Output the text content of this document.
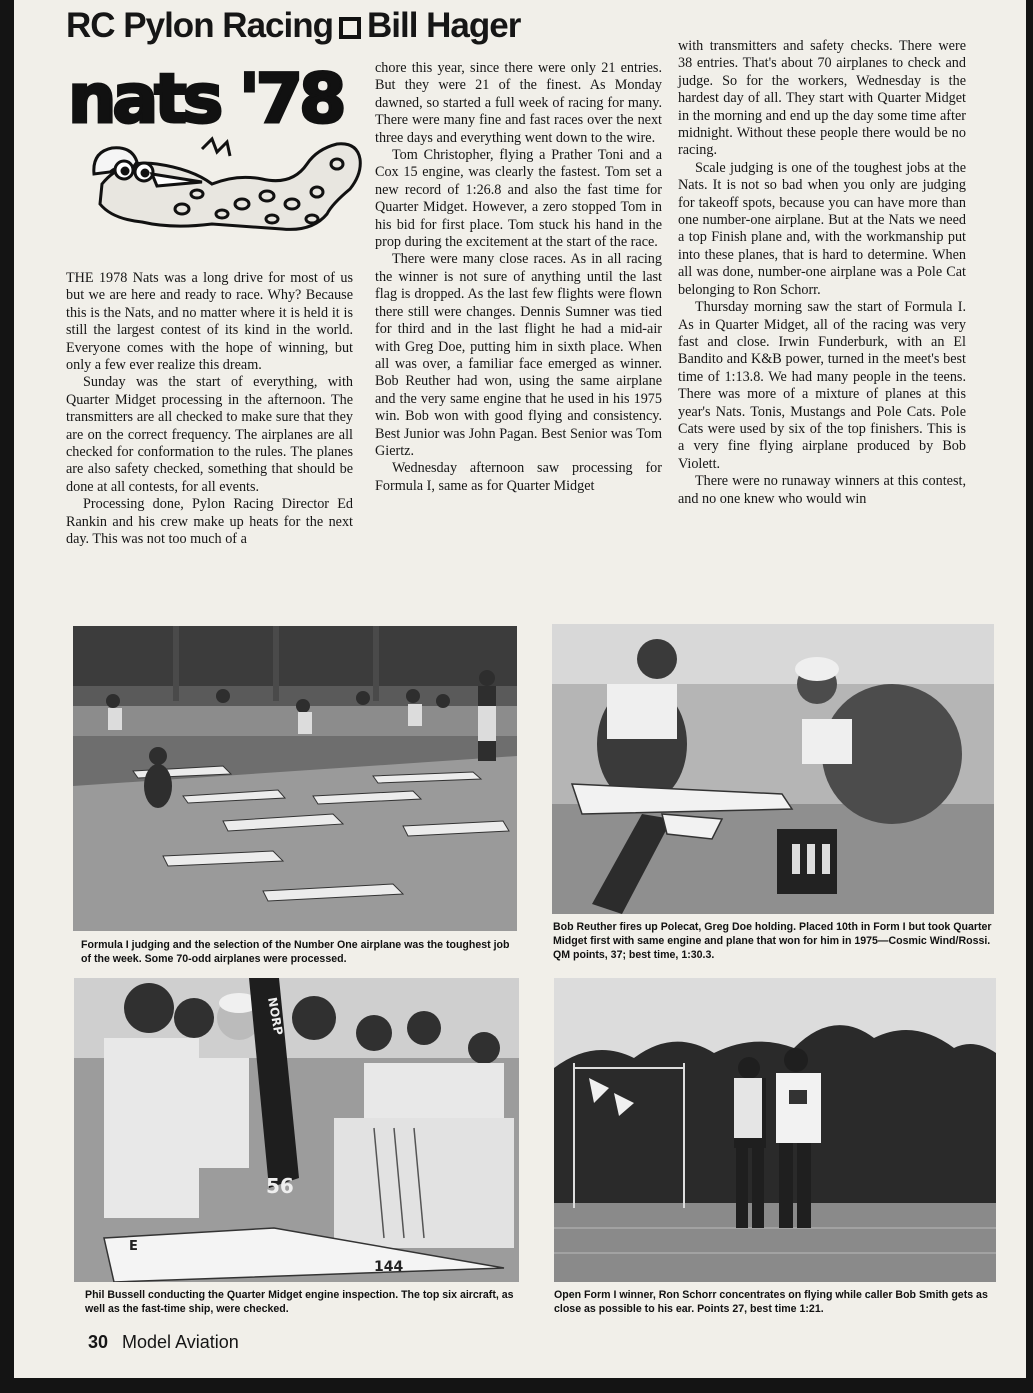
RC Pylon Racing Bill Hager
nats '78

THE 1978 Nats was a long drive for most of us but we are here and ready to race. Why? Because this is the Nats, and no matter where it is held it is still the largest contest of its kind in the world. Everyone comes with the hope of winning, but only a few ever realize this dream.

Sunday was the start of everything, with Quarter Midget processing in the afternoon. The transmitters are all checked to make sure that they are on the correct frequency. The airplanes are all checked for conformation to the rules. The planes are also safety checked, something that should be done at all contests, for all events.

Processing done, Pylon Racing Director Ed Rankin and his crew make up heats for the next day. This was not too much of a

chore this year, since there were only 21 entries. But they were 21 of the finest. As Monday dawned, so started a full week of racing for many. There were many fine and fast races over the next three days and everything went down to the wire.

Tom Christopher, flying a Prather Toni and a Cox 15 engine, was clearly the fastest. Tom set a new record of 1:26.8 and also the fast time for Quarter Midget. However, a zero stopped Tom in his bid for first place. Tom stuck his hand in the prop during the excitement at the start of the race.

There were many close races. As in all racing the winner is not sure of anything until the last flag is dropped. As the last few flights were flown there still were changes. Dennis Sumner was tied for third and in the last flight he had a mid-air with Greg Doe, putting him in sixth place. When all was over, a familiar face emerged as winner. Bob Reuther had won, using the same airplane and the very same engine that he used in his 1975 win. Bob won with good flying and consistency. Best Junior was John Pagan. Best Senior was Tom Giertz.

Wednesday afternoon saw processing for Formula I, same as for Quarter Midget

with transmitters and safety checks. There were 38 entries. That's about 70 airplanes to check and judge. So for the workers, Wednesday is the hardest day of all. They start with Quarter Midget in the morning and end up the day some time after midnight. Without these people there would be no racing.

Scale judging is one of the toughest jobs at the Nats. It is not so bad when you only are judging for takeoff spots, because you can have more than one number-one airplane. But at the Nats we need a top Finish plane and, with the workmanship put into these planes, that is hard to determine. When all was done, number-one airplane was a Pole Cat belonging to Ron Schorr.

Thursday morning saw the start of Formula I. As in Quarter Midget, all of the racing was very fast and close. Irwin Funderburk, with an El Bandito and K&B power, turned in the meet's best time of 1:13.8. We had many people in the teens. There was more of a mixture of planes at this year's Nats. Tonis, Mustangs and Pole Cats. Pole Cats were used by six of the top finishers. This is a very fine flying airplane produced by Bob Violett.

There were no runaway winners at this contest, and no one knew who would win

Formula I judging and the selection of the Number One airplane was the toughest job of the week. Some 70-odd airplanes were processed.
Bob Reuther fires up Polecat, Greg Doe holding. Placed 10th in Form I but took Quarter Midget first with same engine and plane that won for him in 1975—Cosmic Wind/Rossi. QM points, 37; best time, 1:30.3.
NORP
56
144
E
Phil Bussell conducting the Quarter Midget engine inspection. The top six aircraft, as well as the fast-time ship, were checked.
Open Form I winner, Ron Schorr concentrates on flying while caller Bob Smith gets as close as possible to his ear. Points 27, best time 1:21.
30 Model Aviation
